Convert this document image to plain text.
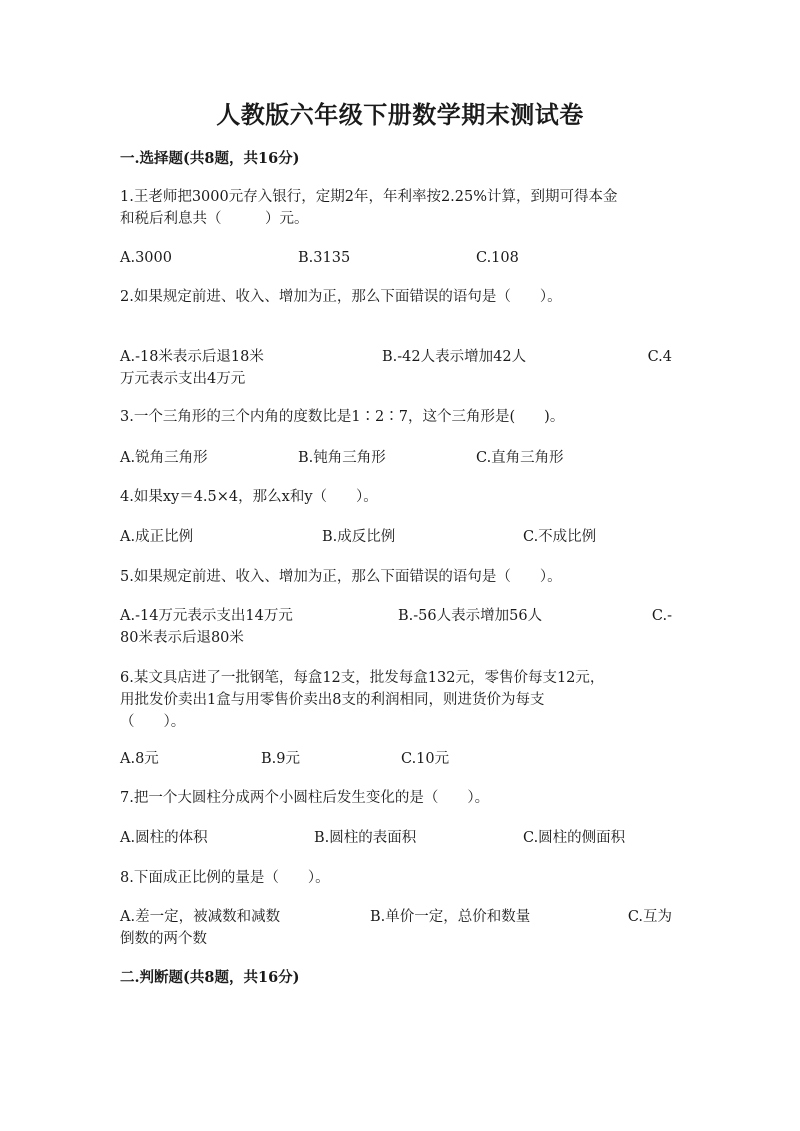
人教版六年级下册数学期末测试卷
一.选择题(共8题，共16分)
1.王老师把3000元存入银行，定期2年，年利率按2.25%计算，到期可得本金
和税后利息共（　　　）元。
A.3000	B.3135	C.108
2.如果规定前进、收入、增加为正，那么下面错误的语句是（　　）。
A.-18米表示后退18米	B.-42人表示增加42人	C.4
万元表示支出4万元
3.一个三角形的三个内角的度数比是1∶2∶7，这个三角形是(　　)。
A.锐角三角形	B.钝角三角形	C.直角三角形
4.如果xy＝4.5×4，那么x和y（　　）。
A.成正比例	B.成反比例	C.不成比例
5.如果规定前进、收入、增加为正，那么下面错误的语句是（　　）。
A.-14万元表示支出14万元	B.-56人表示增加56人	C.-
80米表示后退80米
6.某文具店进了一批钢笔，每盒12支，批发每盒132元，零售价每支12元，
用批发价卖出1盒与用零售价卖出8支的利润相同，则进货价为每支
（　　）。
A.8元	B.9元	C.10元
7.把一个大圆柱分成两个小圆柱后发生变化的是（　　）。
A.圆柱的体积	B.圆柱的表面积	C.圆柱的侧面积
8.下面成正比例的量是（　　）。
A.差一定，被减数和减数	B.单价一定，总价和数量	C.互为
倒数的两个数
二.判断题(共8题，共16分)
